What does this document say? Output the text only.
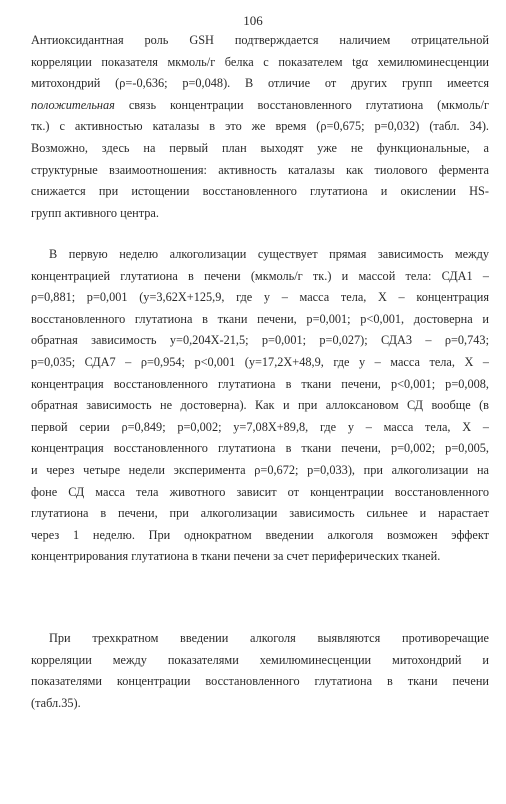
106
Антиоксидантная роль GSH подтверждается наличием отрицательной
корреляции показателя мкмоль/г белка с показателем tgα хемилюминесценции
митохондрий (ρ=-0,636; p=0,048). В отличие от других групп имеется
положительная связь концентрации восстановленного глутатиона (мкмоль/г
тк.) с активностью каталазы в это же время (ρ=0,675; p=0,032) (табл. 34).
Возможно, здесь на первый план выходят уже не функциональные, а
структурные взаимоотношения: активность каталазы как тиолового фермента
снижается при истощении восстановленного глутатиона и окислении HS-
групп активного центра.
В первую неделю алкоголизации существует прямая зависимость между
концентрацией глутатиона в печени (мкмоль/г тк.) и массой тела: СДА1 –
ρ=0,881; p=0,001 (y=3,62X+125,9, где y – масса тела, X – концентрация
восстановленного глутатиона в ткани печени, p=0,001; p<0,001, достоверна и
обратная зависимость y=0,204X-21,5; p=0,001; p=0,027); СДА3 – ρ=0,743;
p=0,035; СДА7 – ρ=0,954; p<0,001 (y=17,2X+48,9, где y – масса тела, X –
концентрация восстановленного глутатиона в ткани печени, p<0,001; p=0,008,
обратная зависимость не достоверна). Как и при аллоксановом СД вообще (в
первой серии ρ=0,849; p=0,002; y=7,08X+89,8, где y – масса тела, X –
концентрация восстановленного глутатиона в ткани печени, p=0,002; p=0,005,
и через четыре недели эксперимента ρ=0,672; p=0,033), при алкоголизации на
фоне СД масса тела животного зависит от концентрации восстановленного
глутатиона в печени, при алкоголизации зависимость сильнее и нарастает
через 1 неделю. При однократном введении алкоголя возможен эффект
концентрирования глутатиона в ткани печени за счет периферических тканей.
При трехкратном введении алкоголя выявляются противоречащие
корреляции между показателями хемилюминесценции митохондрий и
показателями концентрации восстановленного глутатиона в ткани печени
(табл.35).
